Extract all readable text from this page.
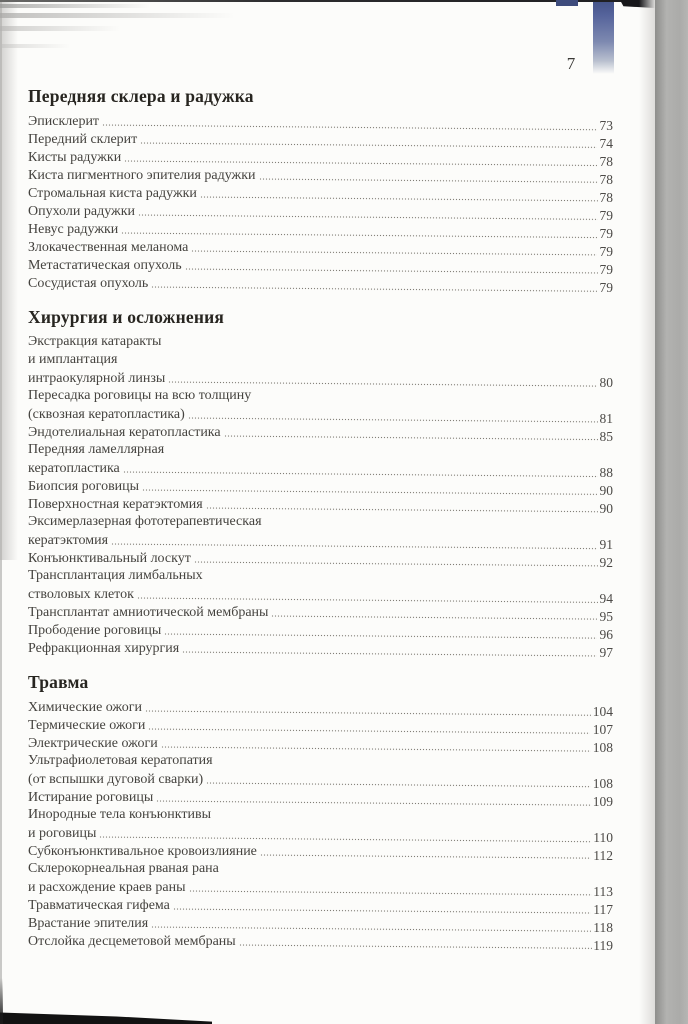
7
Передняя склера и радужка
Эписклерит	73
Передний склерит	74
Кисты радужки	78
Киста пигментного эпителия радужки	78
Стромальная киста радужки	78
Опухоли радужки	79
Невус радужки	79
Злокачественная меланома	79
Метастатическая опухоль	79
Сосудистая опухоль	79
Хирургия и осложнения
Экстракция катаракты
и имплантация
интраокулярной линзы	80
Пересадка роговицы на всю толщину
(сквозная кератопластика)	81
Эндотелиальная кератопластика	85
Передняя ламеллярная
кератопластика	88
Биопсия роговицы	90
Поверхностная кератэктомия	90
Эксимерлазерная фототерапевтическая
кератэктомия	91
Конъюнктивальный лоскут	92
Трансплантация лимбальных
стволовых клеток	94
Трансплантат амниотической мембраны	95
Прободение роговицы	96
Рефракционная хирургия	97
Травма
Химические ожоги	104
Термические ожоги	107
Электрические ожоги	108
Ультрафиолетовая кератопатия
(от вспышки дуговой сварки)	108
Истирание роговицы	109
Инородные тела конъюнктивы
и роговицы	110
Субконъюнктивальное кровоизлияние	112
Склерокорнеальная рваная рана
и расхождение краев раны	113
Травматическая гифема	117
Врастание эпителия	118
Отслойка десцеметовой мембраны	119
